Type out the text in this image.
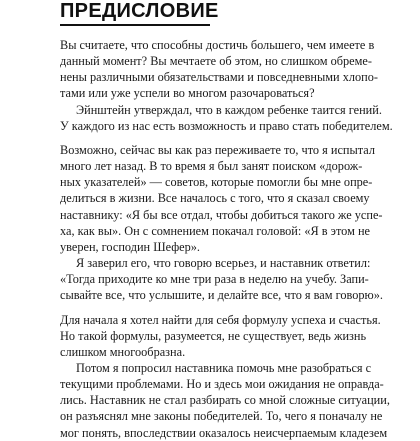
ПРЕДИСЛОВИЕ

Вы считаете, что способны достичь большего, чем имеете в
данный момент? Вы мечтаете об этом, но слишком обреме-
нены различными обязательствами и повседневными хлопо-
тами или уже успели во многом разочароваться?

Эйнштейн утверждал, что в каждом ребенке таится гений.
У каждого из нас есть возможность и право стать победителем.

Возможно, сейчас вы как раз переживаете то, что я испытал
много лет назад. В то время я был занят поиском «дорож-
ных указателей» — советов, которые помогли бы мне опре-
делиться в жизни. Все началось с того, что я сказал своему
наставнику: «Я бы все отдал, чтобы добиться такого же успе-
ха, как вы». Он с сомнением покачал головой: «Я в этом не
уверен, господин Шефер».

Я заверил его, что говорю всерьез, и наставник ответил:
«Тогда приходите ко мне три раза в неделю на учебу. Запи-
сывайте все, что услышите, и делайте все, что я вам говорю».

Для начала я хотел найти для себя формулу успеха и счастья.
Но такой формулы, разумеется, не существует, ведь жизнь
слишком многообразна.

Потом я попросил наставника помочь мне разобраться с
текущими проблемами. Но и здесь мои ожидания не оправда-
лись. Наставник не стал разбирать со мной сложные ситуации,
он разъяснял мне законы победителей. То, чего я поначалу не
мог понять, впоследствии оказалось неисчерпаемым кладезем
